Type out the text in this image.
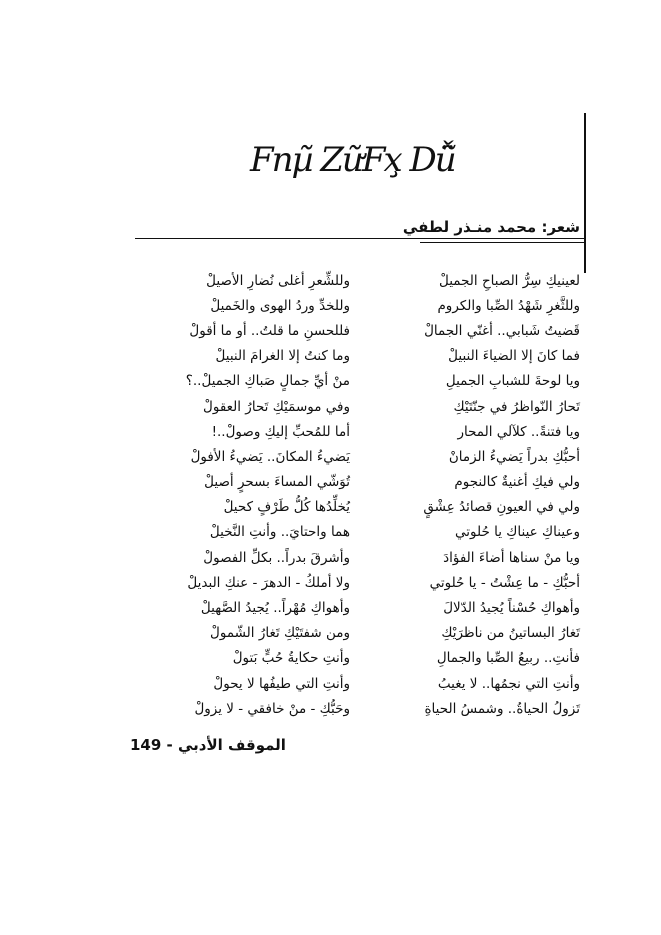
Fnµ̃ ZữFx̧ Dǚ̃
شعر: محمد منـذر لطفي
لعينيكِ سِرُّ الصباحِ الجميلْ
وللشِّعرِ أغلى نُضارِ الأصيلْ
وللثَّغرِ شَهْدُ الصِّبا والكروم
وللخدِّ وردُ الهوى والخَميلْ
قَضيتُ شَبابي.. أغنّي الجمالْ
فللحسنِ ما قلتُ.. أو ما أقولْ
فما كانَ إلا الضياءَ النبيلْ
وما كنتُ إلا الغرامَ النبيلْ
ويا لوحةَ للشبابِ الجميلِ
منْ أيِّ جمالٍ صَباكِ الجميلْ..؟
تَحارُ النّواظرُ في جنّتَيْكِ
وفي موسمَيْكِ تَحارُ العقولْ
ويا فتنةً.. كلآلي المحار
أما للمُحبِّ إليكِ وصولْ..!
أحبُّكِ بدراً يَضيءُ الزمانْ
يَضيءُ المكانَ.. يَضيءُ الأفولْ
ولي فيكِ أغنيةٌ كالنجوم
تُوَشّي المساءَ بسحرٍ أصيلْ
ولي في العيونِ قصائدُ عِشْقٍ
يُخلِّدُها كُلُّ طَرْفٍ كحيلْ
وعيناكِ عيناكِ يا حُلوتي
هما واحتايَ.. وأنتِ النَّخيلْ
ويا منْ سناها أضاءَ الفؤادَ
وأشرقَ بدراً.. بكلِّ الفصولْ
أحبُّكِ - ما عِشْتُ - يا حُلوتي
ولا أملكُ - الدهرَ - عنكِ البديلْ
وأهواكِ حُسْناً يُجيدُ الدّلالَ
وأهواكِ مُهْراً.. يُجيدُ الصَّهيلْ
تَغارُ البساتينُ من ناظرَيْكِ
ومن شفتَيْكِ تَغارُ الشّمولْ
فأنتِ.. ربيعُ الصِّبا والجمالِ
وأنتِ حكايةُ حُبٍّ بَتولْ
وأنتِ التي نجمُها.. لا يغيبُ
وأنتِ التي طيفُها لا يحولْ
تَزولُ الحياةُ.. وشمسُ الحياةِ
وحَبُّكِ - منْ خافقي - لا يزولْ
الموقف الأدبي - 149
